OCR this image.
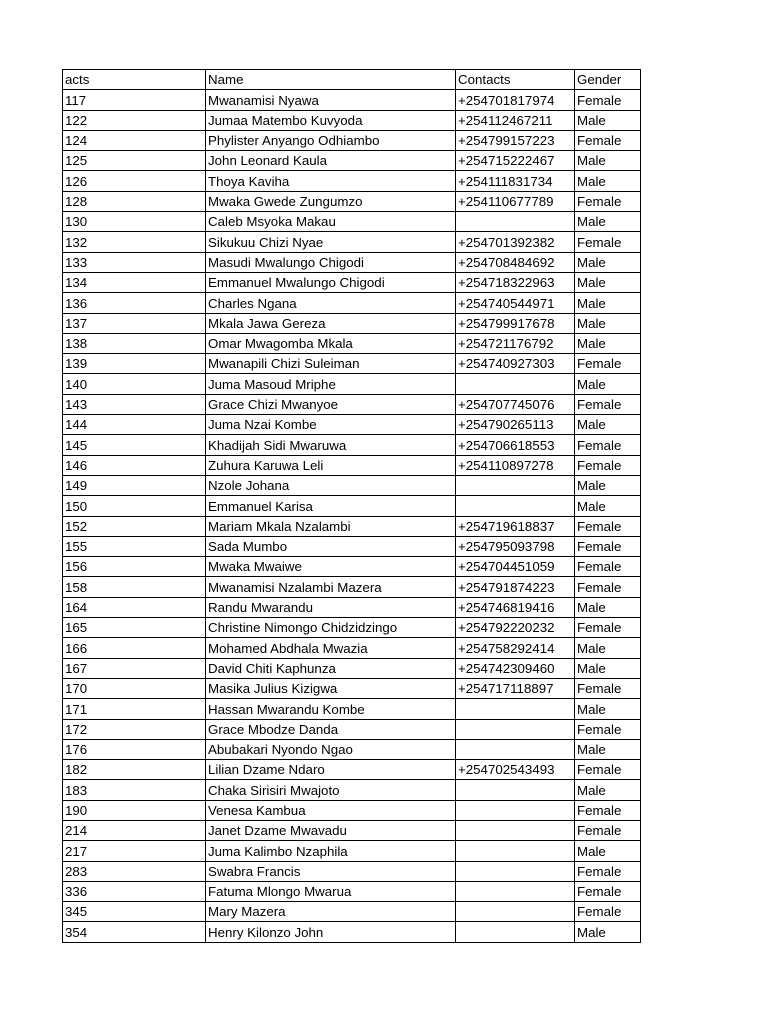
acts	Name	Contacts	Gender
117	Mwanamisi Nyawa	+254701817974	Female
122	Jumaa Matembo Kuvyoda	+254112467211	Male
124	Phylister Anyango Odhiambo	+254799157223	Female
125	John Leonard Kaula	+254715222467	Male
126	Thoya Kaviha	+254111831734	Male
128	Mwaka Gwede Zungumzo	+254110677789	Female
130	Caleb Msyoka Makau		Male
132	Sikukuu Chizi Nyae	+254701392382	Female
133	Masudi Mwalungo Chigodi	+254708484692	Male
134	Emmanuel Mwalungo Chigodi	+254718322963	Male
136	Charles Ngana	+254740544971	Male
137	Mkala Jawa Gereza	+254799917678	Male
138	Omar Mwagomba Mkala	+254721176792	Male
139	Mwanapili Chizi Suleiman	+254740927303	Female
140	Juma Masoud Mriphe		Male
143	Grace Chizi Mwanyoe	+254707745076	Female
144	Juma Nzai Kombe	+254790265113	Male
145	Khadijah Sidi Mwaruwa	+254706618553	Female
146	Zuhura Karuwa Leli	+254110897278	Female
149	Nzole Johana		Male
150	Emmanuel Karisa		Male
152	Mariam Mkala Nzalambi	+254719618837	Female
155	Sada Mumbo	+254795093798	Female
156	Mwaka Mwaiwe	+254704451059	Female
158	Mwanamisi Nzalambi Mazera	+254791874223	Female
164	Randu Mwarandu	+254746819416	Male
165	Christine Nimongo Chidzidzingo	+254792220232	Female
166	Mohamed Abdhala Mwazia	+254758292414	Male
167	David Chiti Kaphunza	+254742309460	Male
170	Masika Julius Kizigwa	+254717118897	Female
171	Hassan Mwarandu Kombe		Male
172	Grace Mbodze Danda		Female
176	Abubakari Nyondo Ngao		Male
182	Lilian Dzame Ndaro	+254702543493	Female
183	Chaka Sirisiri Mwajoto		Male
190	Venesa Kambua		Female
214	Janet Dzame Mwavadu		Female
217	Juma Kalimbo Nzaphila		Male
283	Swabra Francis		Female
336	Fatuma Mlongo Mwarua		Female
345	Mary Mazera		Female
354	Henry Kilonzo John		Male
